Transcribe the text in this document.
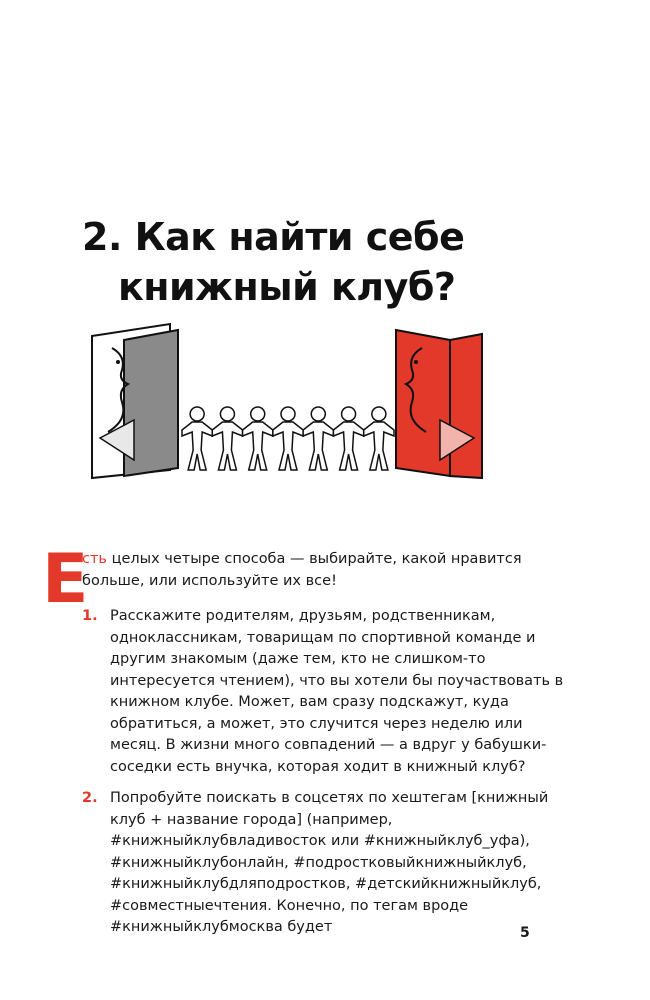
2. Как найти себе
книжный клуб?
Е

сть целых четыре способа — выбирайте, какой нравится больше, или используйте их все!

1. Расскажите родителям, друзьям, родственникам, одноклассникам, товарищам по спортивной команде и другим знакомым (даже тем, кто не слишком-то интересуется чтением), что вы хотели бы поучаствовать в книжном клубе. Может, вам сразу подскажут, куда обратиться, а может, это случится через неделю или месяц. В жизни много совпадений — а вдруг у бабушки-соседки есть внучка, которая ходит в книжный клуб?
2. Попробуйте поискать в соцсетях по хештегам [книжный клуб + название города] (например, #книжныйклубвладивосток или #книжныйклуб_уфа), #книжныйклубонлайн, #подростковыйкнижныйклуб, #книжныйклубдляподростков, #детскийкнижныйклуб, #совместныечтения. Конечно, по тегам вроде #книжныйклубмосква будет	5
